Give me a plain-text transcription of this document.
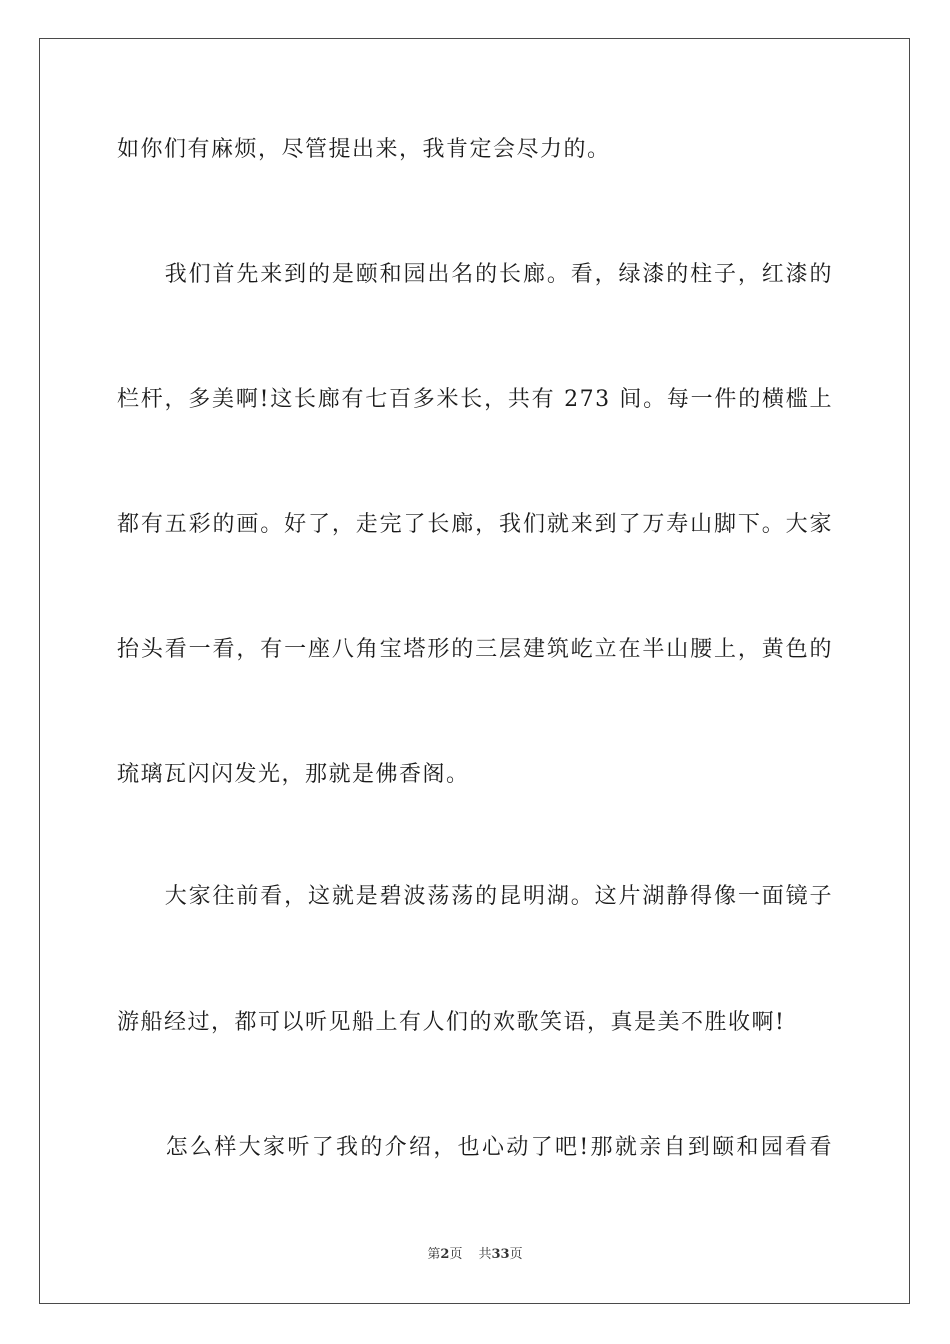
如你们有麻烦，尽管提出来，我肯定会尽力的。
　　我们首先来到的是颐和园出名的长廊。看，绿漆的柱子，红漆的
栏杆，多美啊!这长廊有七百多米长，共有 273 间。每一件的横槛上
都有五彩的画。好了，走完了长廊，我们就来到了万寿山脚下。大家
抬头看一看，有一座八角宝塔形的三层建筑屹立在半山腰上，黄色的
琉璃瓦闪闪发光，那就是佛香阁。
　　大家往前看，这就是碧波荡荡的昆明湖。这片湖静得像一面镜子
游船经过，都可以听见船上有人们的欢歌笑语，真是美不胜收啊!
　　怎么样大家听了我的介绍，也心动了吧!那就亲自到颐和园看看
第2页 共33页
